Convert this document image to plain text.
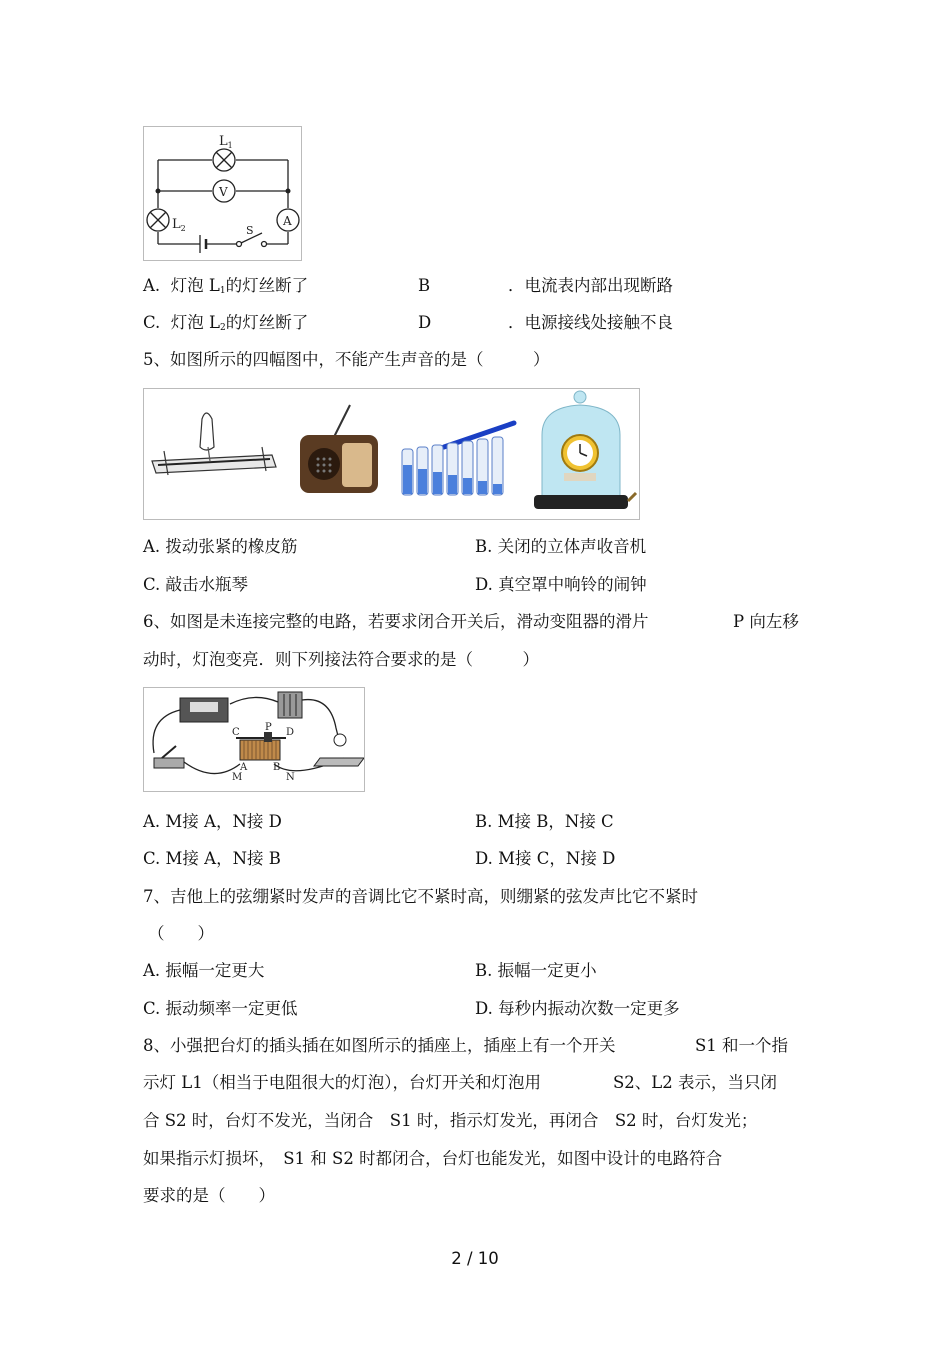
$L_1$
V
$L_2$	S
A
A. 灯泡 $L_1$的灯丝断了	B	．电流表内部出现断路
C. 灯泡 $L_2$的灯丝断了	D	．电源接线处接触不良
5、如图所示的四幅图中，不能产生声音的是（　　　）
A. 拨动张紧的橡皮筋	B. 关闭的立体声收音机
C. 敲击水瓶琴	D. 真空罩中响铃的闹钟
6、如图是未连接完整的电路，若要求闭合开关后，滑动变阻器的滑片	P 向左移
动时，灯泡变亮．则下列接法符合要求的是（　　　）
C	P D
A	B
M	N
A. M接 A，N接 D	B. M接 B，N接 C
C. M接 A，N接 B	D. M接 C，N接 D
7、吉他上的弦绷紧时发声的音调比它不紧时高，则绷紧的弦发声比它不紧时
（　　）
A. 振幅一定更大	B. 振幅一定更小
C. 振动频率一定更低	D. 每秒内振动次数一定更多
8、小强把台灯的插头插在如图所示的插座上，插座上有一个开关	S1 和一个指
示灯 L1（相当于电阻很大的灯泡），台灯开关和灯泡用	S2、L2 表示，当只闭
合 S2 时，台灯不发光，当闭合　S1 时，指示灯发光，再闭合　S2 时，台灯发光；
如果指示灯损坏，　S1 和 S2 时都闭合，台灯也能发光，如图中设计的电路符合
要求的是（　　）
2 / 10
